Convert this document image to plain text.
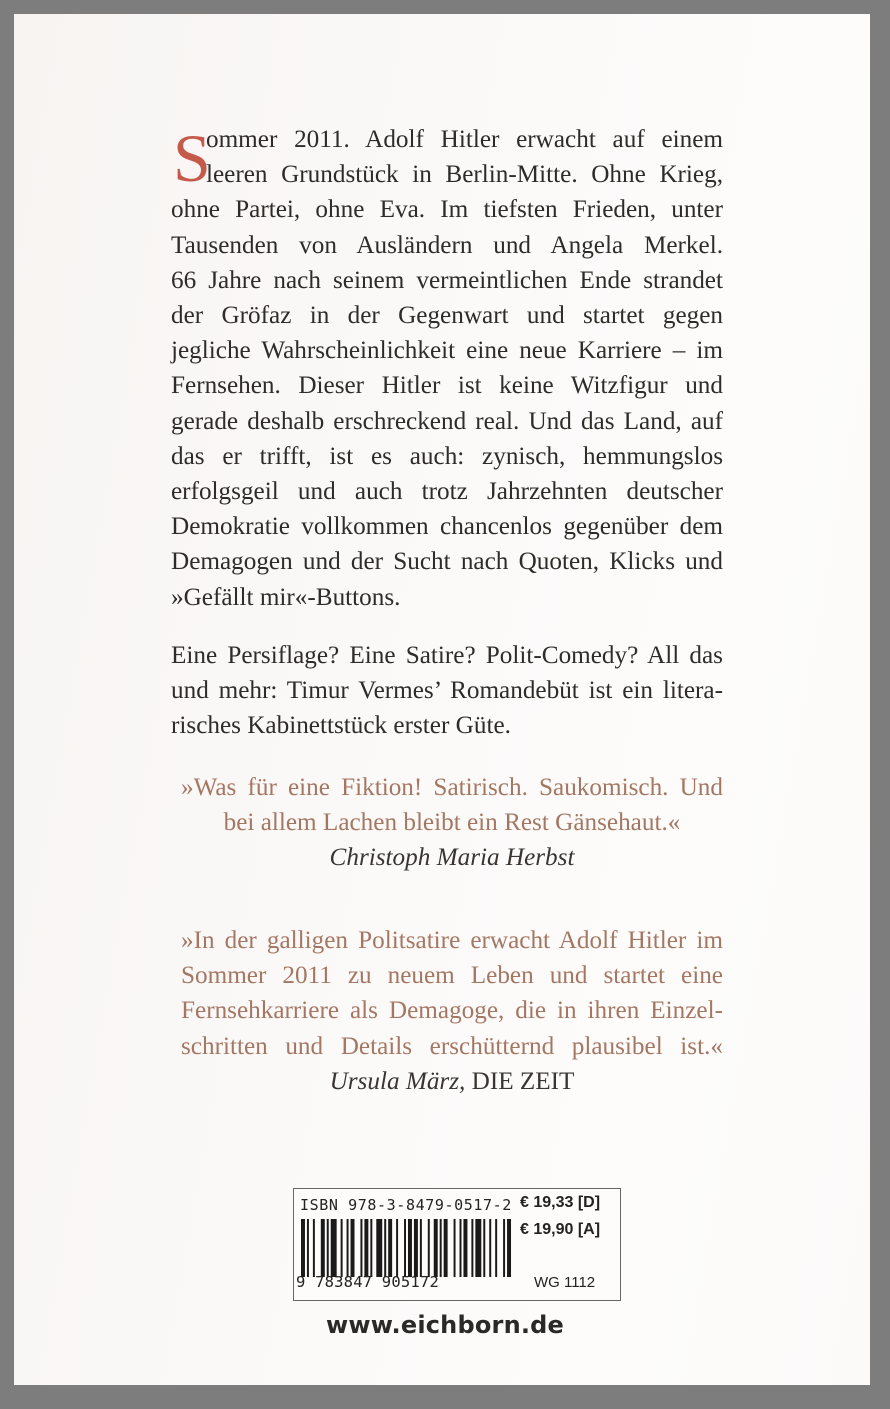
S
ommer 2011. Adolf Hitler erwacht auf einem
leeren Grundstück in Berlin-Mitte. Ohne Krieg,
ohne Partei, ohne Eva. Im tiefsten Frieden, unter
Tausenden von Ausländern und Angela Merkel.
66 Jahre nach seinem vermeintlichen Ende strandet
der Gröfaz in der Gegenwart und startet gegen
jegliche Wahrscheinlichkeit eine neue Karriere – im
Fernsehen. Dieser Hitler ist keine Witzfigur und
gerade deshalb erschreckend real. Und das Land, auf
das er trifft, ist es auch: zynisch, hemmungslos
erfolgsgeil und auch trotz Jahrzehnten deutscher
Demokratie vollkommen chancenlos gegenüber dem
Demagogen und der Sucht nach Quoten, Klicks und
»Gefällt mir«-Buttons.

Eine Persiflage? Eine Satire? Polit-Comedy? All das
und mehr: Timur Vermes’ Romandebüt ist ein litera-
risches Kabinettstück erster Güte.

»Was für eine Fiktion! Satirisch. Saukomisch. Und
bei allem Lachen bleibt ein Rest Gänsehaut.«
Christoph Maria Herbst
»In der galligen Politsatire erwacht Adolf Hitler im
Sommer 2011 zu neuem Leben und startet eine
Fernsehkarriere als Demagoge, die in ihren Einzel-
schritten und Details erschütternd plausibel ist.«
Ursula März, DIE ZEIT
ISBN 978-3-8479-0517-2
9 783847 905172
€ 19,33 [D]
€ 19,90 [A]
WG 1112
www.eichborn.de
